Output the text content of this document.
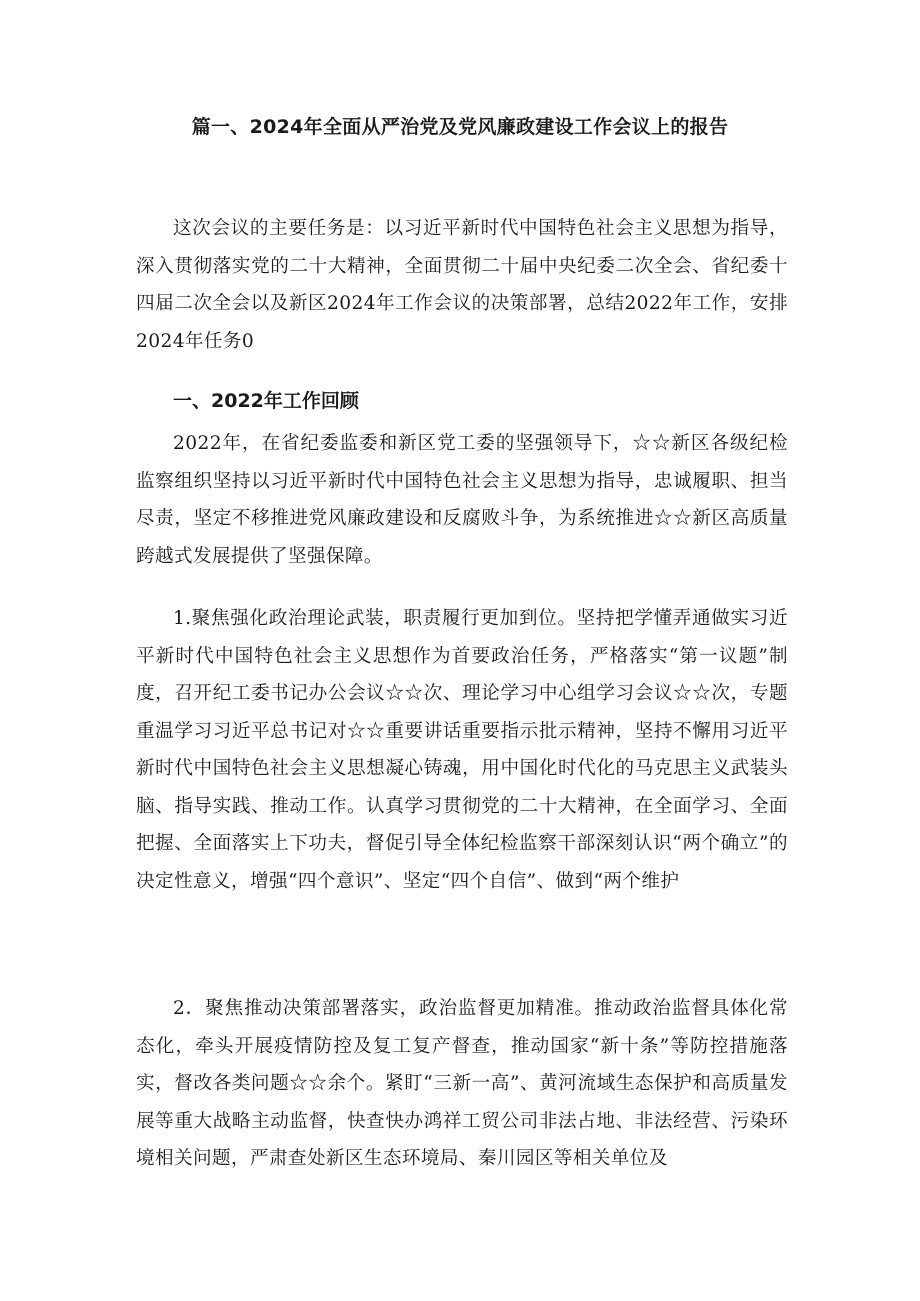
篇一、2024年全面从严治党及党风廉政建设工作会议上的报告

这次会议的主要任务是：以习近平新时代中国特色社会主义思想为指导，深入贯彻落实党的二十大精神，全面贯彻二十届中央纪委二次全会、省纪委十四届二次全会以及新区2024年工作会议的决策部署，总结2022年工作，安排2024年任务0

一、2022年工作回顾

2022年，在省纪委监委和新区党工委的坚强领导下，☆☆新区各级纪检监察组织坚持以习近平新时代中国特色社会主义思想为指导，忠诚履职、担当尽责，坚定不移推进党风廉政建设和反腐败斗争，为系统推进☆☆新区高质量跨越式发展提供了坚强保障。

1.聚焦强化政治理论武装，职责履行更加到位。坚持把学懂弄通做实习近平新时代中国特色社会主义思想作为首要政治任务，严格落实“第一议题”制度，召开纪工委书记办公会议☆☆次、理论学习中心组学习会议☆☆次，专题重温学习习近平总书记对☆☆重要讲话重要指示批示精神，坚持不懈用习近平新时代中国特色社会主义思想凝心铸魂，用中国化时代化的马克思主义武装头脑、指导实践、推动工作。认真学习贯彻党的二十大精神，在全面学习、全面把握、全面落实上下功夫，督促引导全体纪检监察干部深刻认识“两个确立”的决定性意义，增强“四个意识”、坚定“四个自信”、做到“两个维护

2．聚焦推动决策部署落实，政治监督更加精准。推动政治监督具体化常态化，牵头开展疫情防控及复工复产督查，推动国家“新十条”等防控措施落实，督改各类问题☆☆余个。紧盯“三新一高”、黄河流域生态保护和高质量发展等重大战略主动监督，快查快办鸿祥工贸公司非法占地、非法经营、污染环境相关问题，严肃查处新区生态环境局、秦川园区等相关单位及
